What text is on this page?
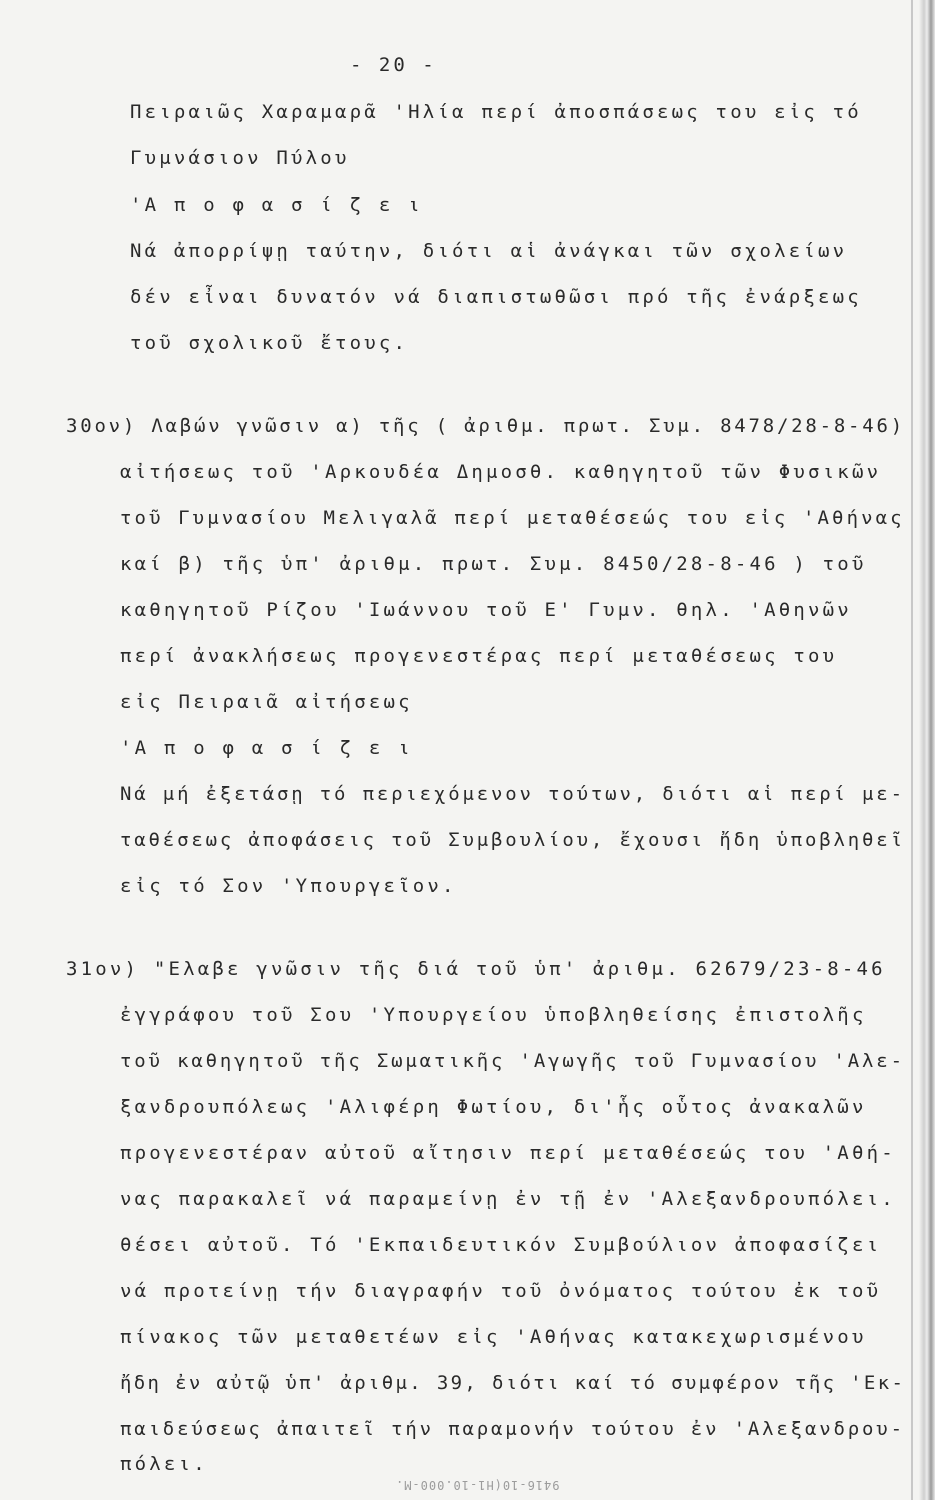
- 20 -
Πειραιῶς Χαραμαρᾶ 'Ηλία περί ἀποσπάσεως του εἰς τό
Γυμνάσιον Πύλου
'Α π ο φ α σ ί ζ ε ι
Νά ἀπορρίψῃ ταύτην, διότι αἱ ἀνάγκαι τῶν σχολείων
δέν εἶναι δυνατόν νά διαπιστωθῶσι πρό τῆς ἐνάρξεως
τοῦ σχολικοῦ ἔτους.
30ον) Λαβών γνῶσιν α) τῆς ( ἀριθμ. πρωτ. Συμ. 8478/28-8-46)
αἰτήσεως τοῦ 'Αρκουδέα Δημοσθ. καθηγητοῦ τῶν Φυσικῶν
τοῦ Γυμνασίου Μελιγαλᾶ περί μεταθέσεώς του εἰς 'Αθήνας
καί β) τῆς ὑπ' ἀριθμ. πρωτ. Συμ. 8450/28-8-46 ) τοῦ
καθηγητοῦ Ρίζου 'Ιωάννου τοῦ Ε' Γυμν. θηλ. 'Αθηνῶν
περί ἀνακλήσεως προγενεστέρας περί μεταθέσεως του
εἰς Πειραιᾶ αἰτήσεως
'Α π ο φ α σ ί ζ ε ι
Νά μή ἐξετάσῃ τό περιεχόμενον τούτων, διότι αἱ περί με-
ταθέσεως ἀποφάσεις τοῦ Συμβουλίου, ἔχουσι ἤδη ὑποβληθεῖ
εἰς τό Σον 'Υπουργεῖον.
31ον) "Ελαβε γνῶσιν τῆς διά τοῦ ὑπ' ἀριθμ. 62679/23-8-46
ἐγγράφου τοῦ Σου 'Υπουργείου ὑποβληθείσης ἐπιστολῆς
τοῦ καθηγητοῦ τῆς Σωματικῆς 'Αγωγῆς τοῦ Γυμνασίου 'Αλε-
ξανδρουπόλεως 'Αλιφέρη Φωτίου, δι'ἧς οὗτος ἀνακαλῶν
προγενεστέραν αὐτοῦ αἴτησιν περί μεταθέσεώς του 'Αθή-
νας παρακαλεῖ νά παραμείνῃ ἐν τῇ ἐν 'Αλεξανδρουπόλει.
θέσει αὐτοῦ. Τό 'Εκπαιδευτικόν Συμβούλιον ἀποφασίζει
νά προτείνῃ τήν διαγραφήν τοῦ ὀνόματος τούτου ἐκ τοῦ
πίνακος τῶν μεταθετέων εἰς 'Αθήνας κατακεχωρισμένου
ἤδη ἐν αὐτῷ ὑπ' ἀριθμ. 39, διότι καί τό συμφέρον τῆς 'Εκ-
παιδεύσεως ἀπαιτεῖ τήν παραμονήν τούτου ἐν 'Αλεξανδρου-
πόλει.
9416-10(Η1-10.000-Μ.
